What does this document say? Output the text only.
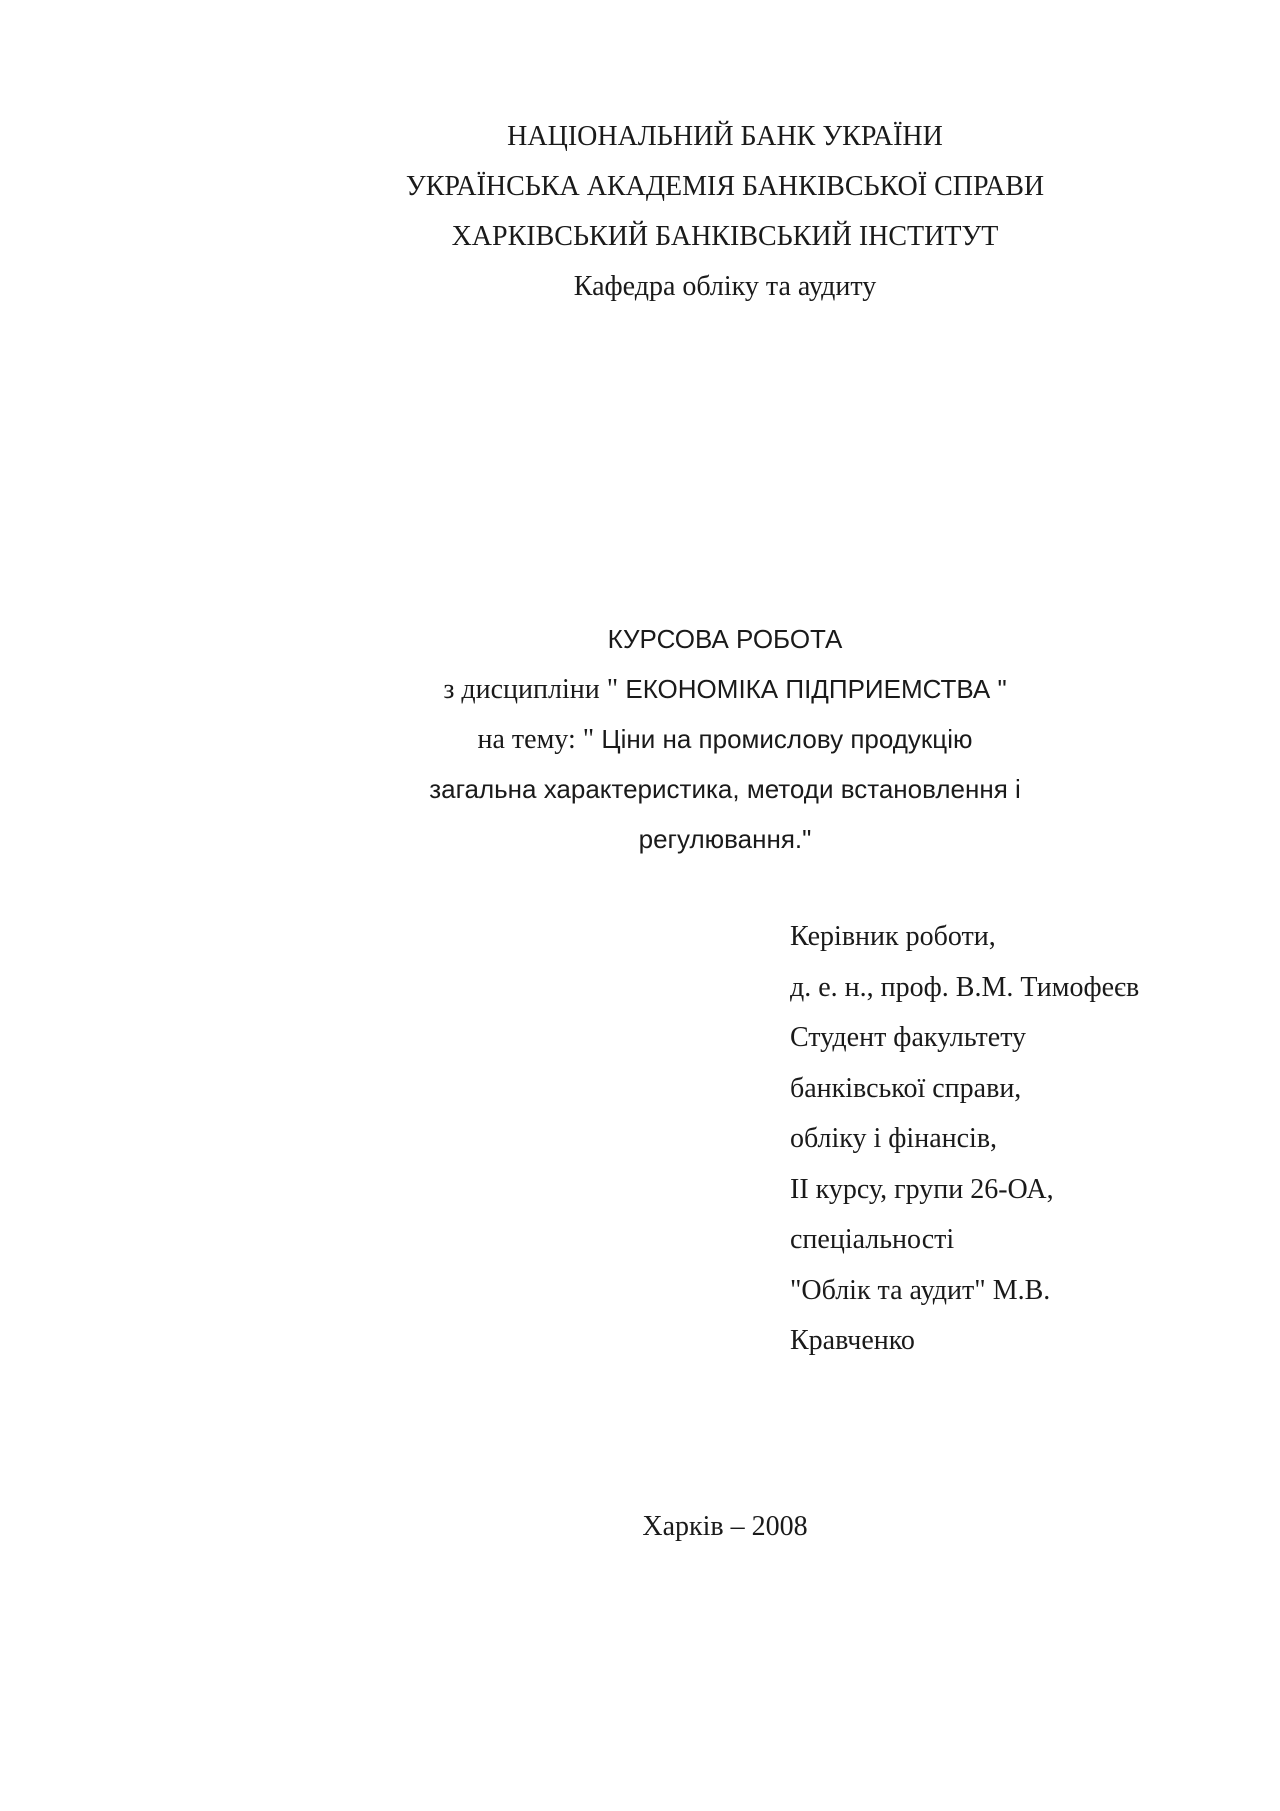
НАЦІОНАЛЬНИЙ БАНК УКРАЇНИ
УКРАЇНСЬКА АКАДЕМІЯ БАНКІВСЬКОЇ СПРАВИ
ХАРКІВСЬКИЙ БАНКІВСЬКИЙ ІНСТИТУТ
Кафедра обліку та аудиту
КУРСОВА РОБОТА
з дисципліни " ЕКОНОМІКА ПІДПРИЕМСТВА "
на тему: " Ціни на промислову продукцію
загальна характеристика, методи встановлення і
регулювання."
Керівник роботи,
д. е. н., проф. В.М. Тимофеєв
Студент факультету
банківської справи,
обліку і фінансів,
ІІ курсу, групи 26-ОА,
спеціальності
"Облік та аудит" М.В.
Кравченко
Харків – 2008
